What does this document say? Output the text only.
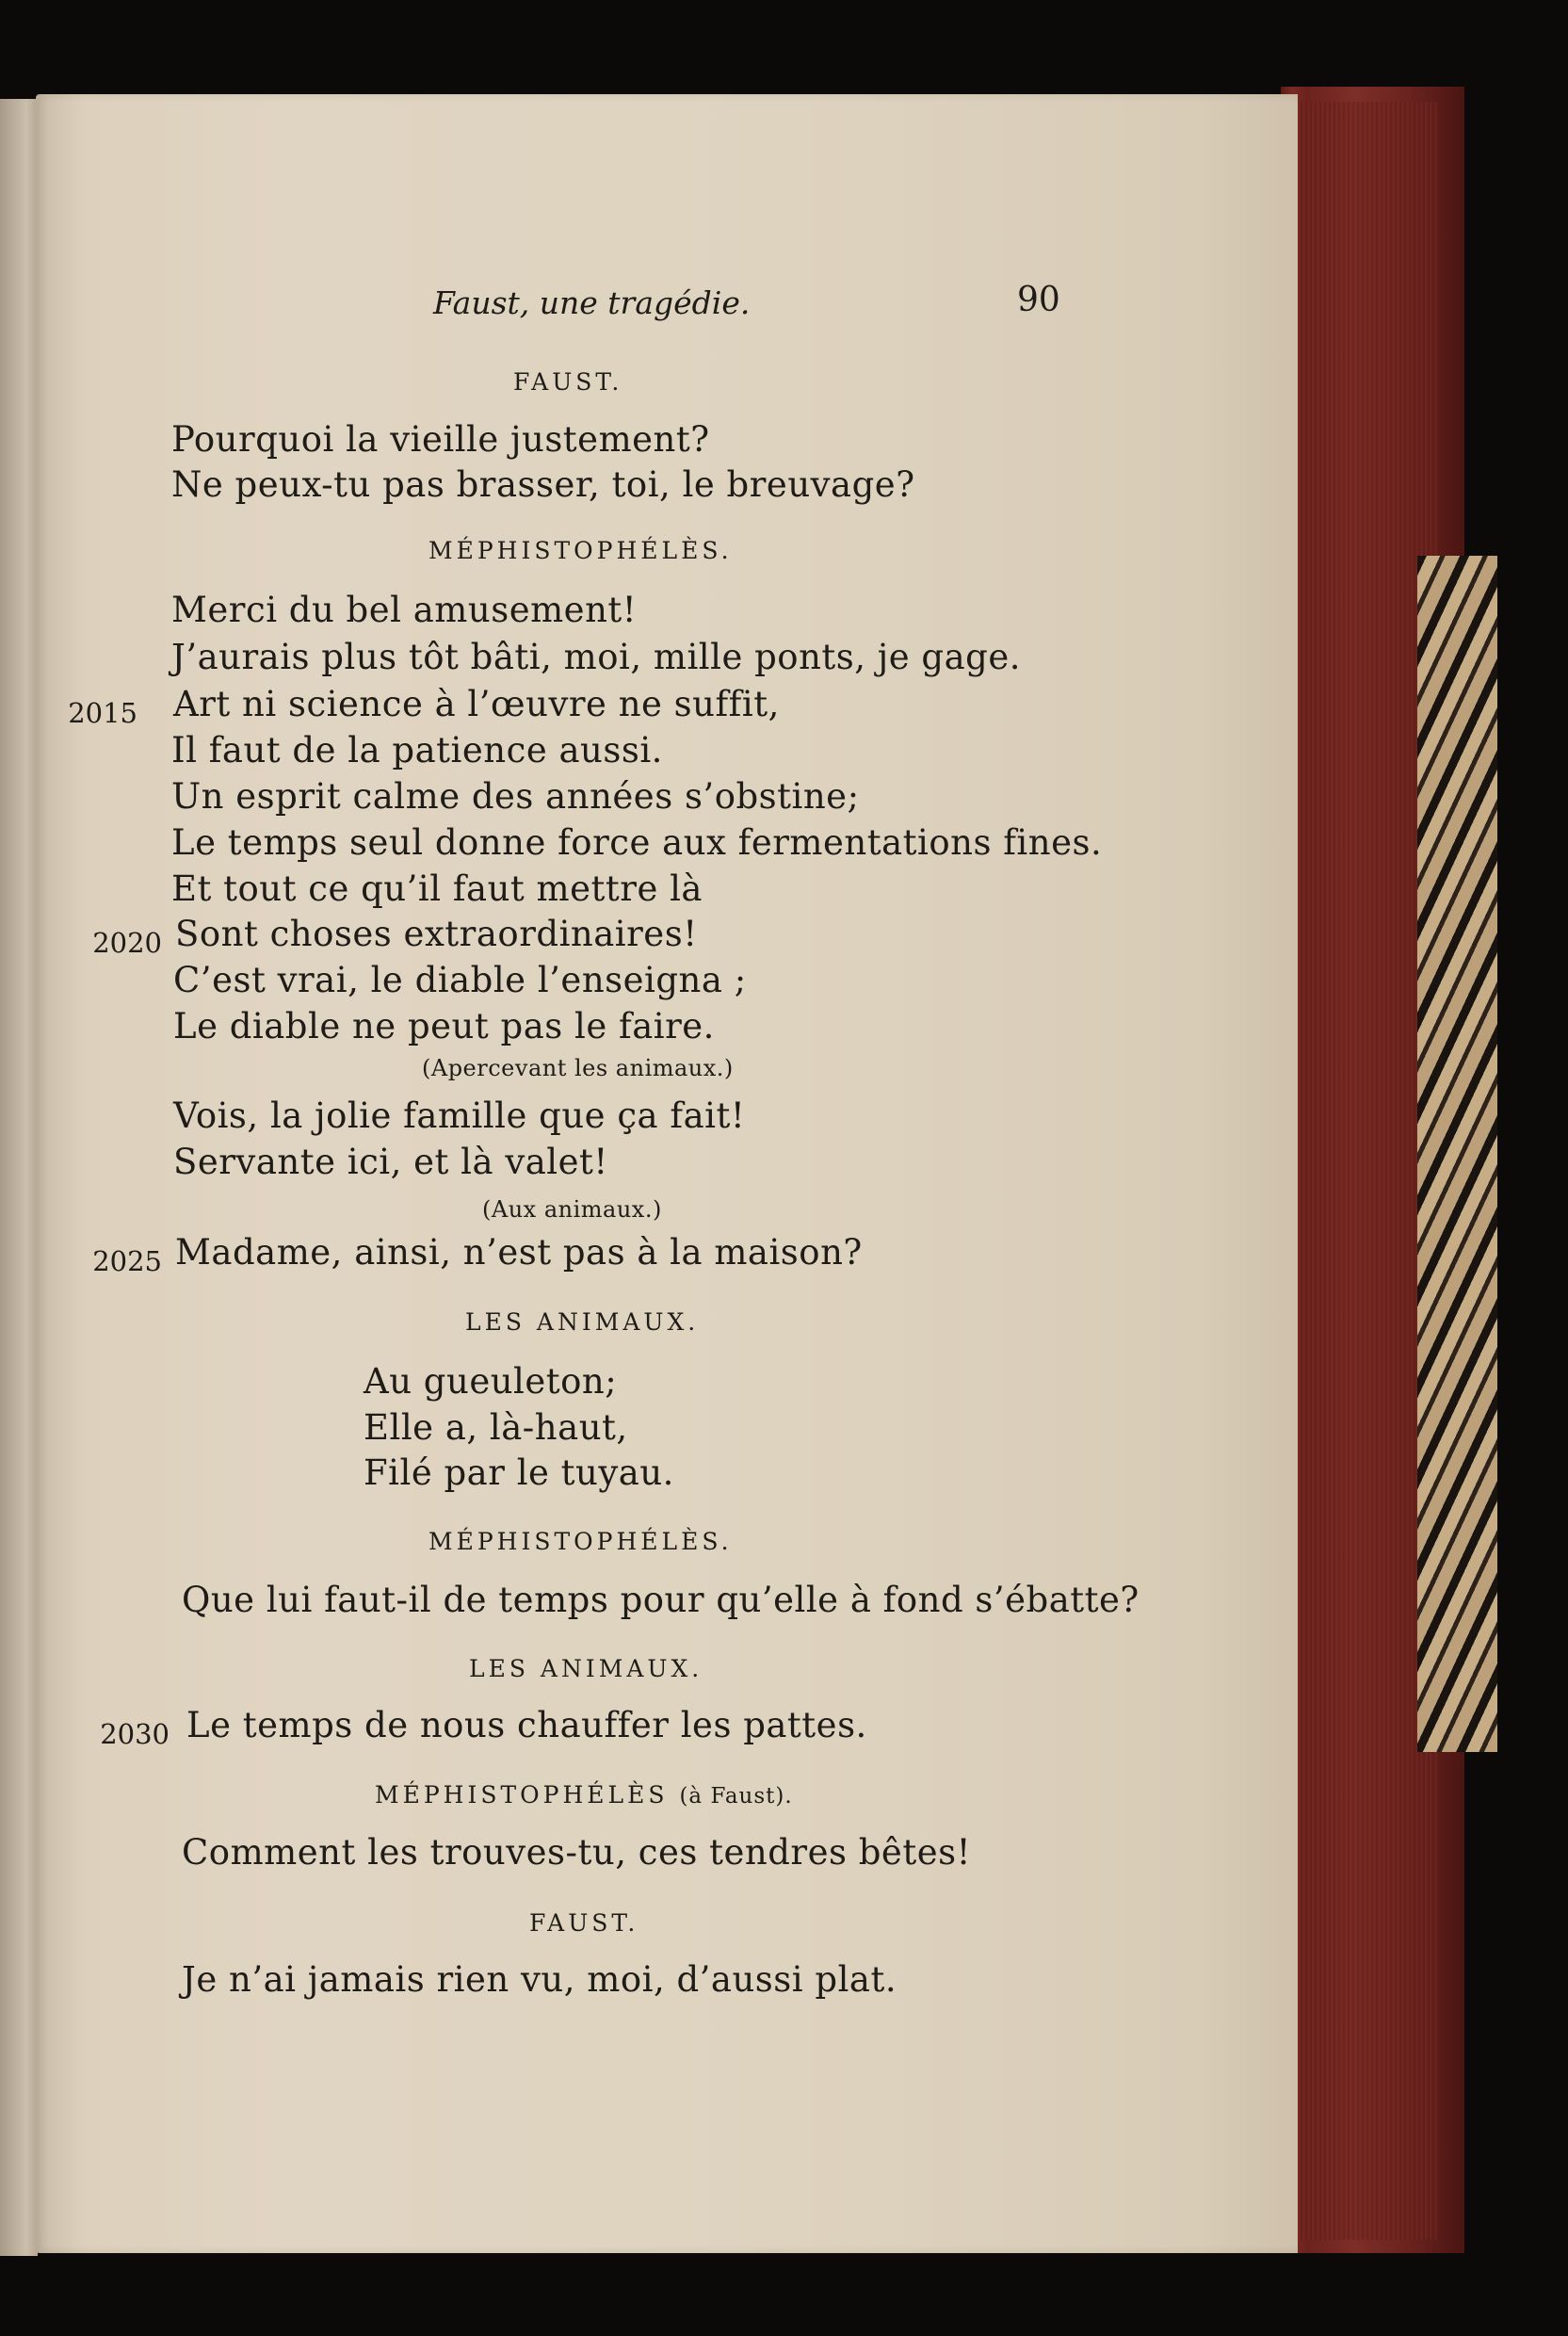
Faust, une tragédie.	90
FAUST.
Pourquoi la vieille justement?
Ne peux-tu pas brasser, toi, le breuvage?
MÉPHISTOPHÉLÈS.
Merci du bel amusement!
J’aurais plus tôt bâti, moi, mille ponts, je gage.
2015 Art ni science à l’œuvre ne suffit,
Il faut de la patience aussi.
Un esprit calme des années s’obstine;
Le temps seul donne force aux fermentations fines.
Et tout ce qu’il faut mettre là
2020 Sont choses extraordinaires!
C’est vrai, le diable l’enseigna ;
Le diable ne peut pas le faire.
(Apercevant les animaux.)
Vois, la jolie famille que ça fait!
Servante ici, et là valet!
(Aux animaux.)
2025 Madame, ainsi, n’est pas à la maison?
LES ANIMAUX.
Au gueuleton;
Elle a, là-haut,
Filé par le tuyau.
MÉPHISTOPHÉLÈS.
Que lui faut-il de temps pour qu’elle à fond s’ébatte?
LES ANIMAUX.
2030 Le temps de nous chauffer les pattes.
MÉPHISTOPHÉLÈS (à Faust).
Comment les trouves-tu, ces tendres bêtes!
FAUST.
Je n’ai jamais rien vu, moi, d’aussi plat.
